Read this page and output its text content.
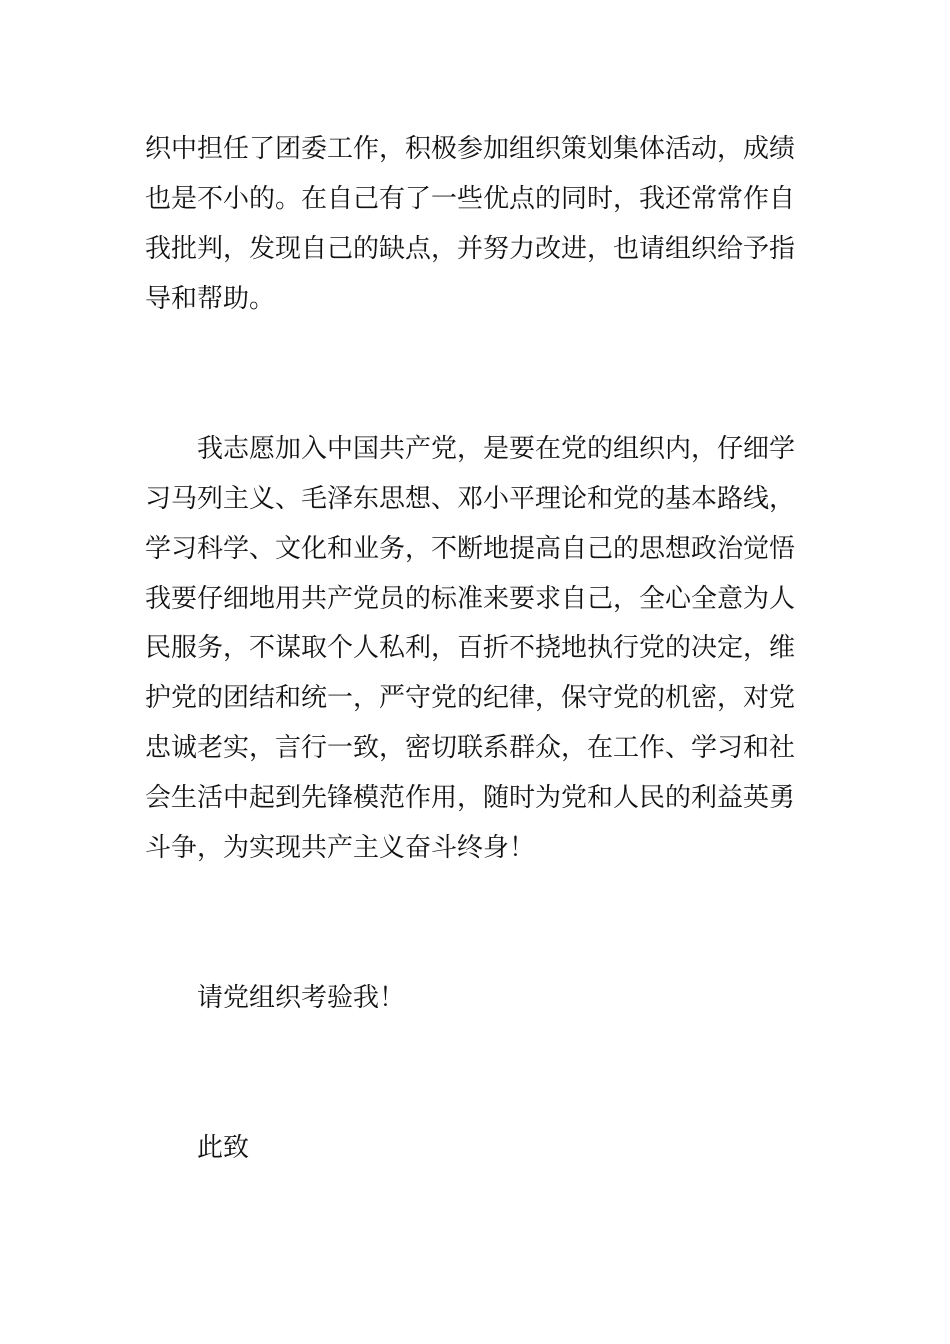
织中担任了团委工作，积极参加组织策划集体活动，成绩

也是不小的。在自己有了一些优点的同时，我还常常作自

我批判，发现自己的缺点，并努力改进，也请组织给予指

导和帮助。

我志愿加入中国共产党，是要在党的组织内，仔细学

习马列主义、毛泽东思想、邓小平理论和党的基本路线，

学习科学、文化和业务，不断地提高自己的思想政治觉悟

我要仔细地用共产党员的标准来要求自己，全心全意为人

民服务，不谋取个人私利，百折不挠地执行党的决定，维

护党的团结和统一，严守党的纪律，保守党的机密，对党

忠诚老实，言行一致，密切联系群众，在工作、学习和社

会生活中起到先锋模范作用，随时为党和人民的利益英勇

斗争，为实现共产主义奋斗终身！

请党组织考验我！

此致
